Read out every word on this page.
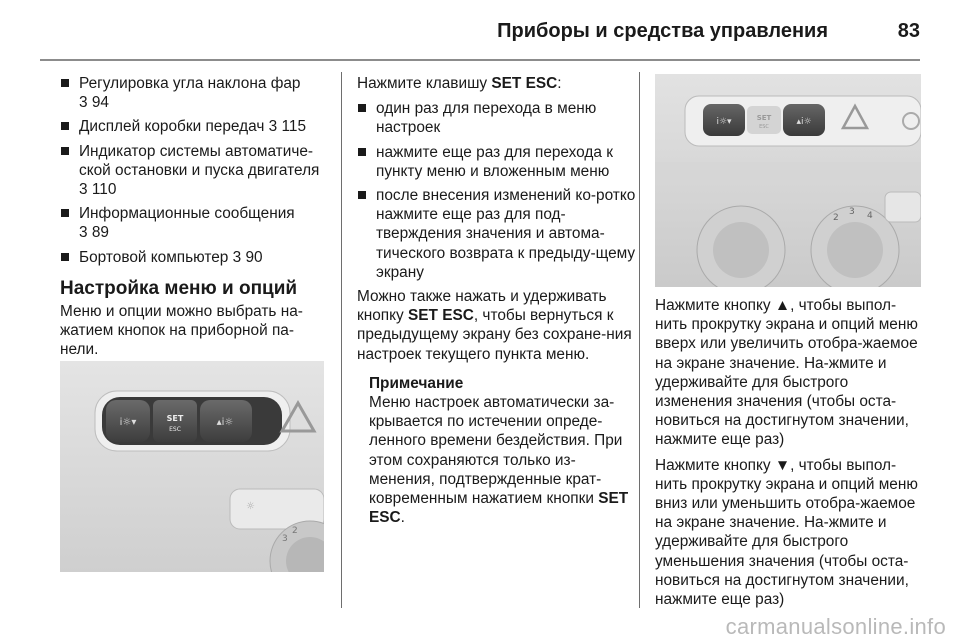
Приборы и средства управления	83
Регулировка угла наклона фар
3 94
Дисплей коробки передач 3 115
Индикатор системы автоматиче-ской остановки и пуска двигателя
3 110
Информационные сообщения
3 89
Бортовой компьютер 3 90
Настройка меню и опций

Меню и опции можно выбрать на-жатием кнопок на приборной па-нели.

i☼▾	SET
ESC
▴i☼
☼
3
2

Нажмите клавишу SET ESC:

один раз для перехода в меню настроек
нажмите еще раз для перехода к пункту меню и вложенным меню
после внесения изменений ко-ротко нажмите еще раз для под-тверждения значения и автома-тического возврата к предыду-щему экрану

Можно также нажать и удерживать кнопку SET ESC, чтобы вернуться к предыдущему экрану без сохране-ния настроек текущего пункта меню.

Примечание
Меню настроек автоматически за-крывается по истечении опреде-ленного времени бездействия. При этом сохраняются только из-менения, подтвержденные крат-ковременным нажатием кнопки SET ESC.
i☼▾	SET
ESC	▴i☼
2
3 4

Нажмите кнопку ▲, чтобы выпол-нить прокрутку экрана и опций меню вверх или увеличить отобра-жаемое на экране значение. На-жмите и удерживайте для быстрого изменения значения (чтобы оста-новиться на достигнутом значении, нажмите еще раз)

Нажмите кнопку ▼, чтобы выпол-нить прокрутку экрана и опций меню вниз или уменьшить отобра-жаемое на экране значение. На-жмите и удерживайте для быстрого уменьшения значения (чтобы оста-новиться на достигнутом значении, нажмите еще раз)

carmanualsonline.info
